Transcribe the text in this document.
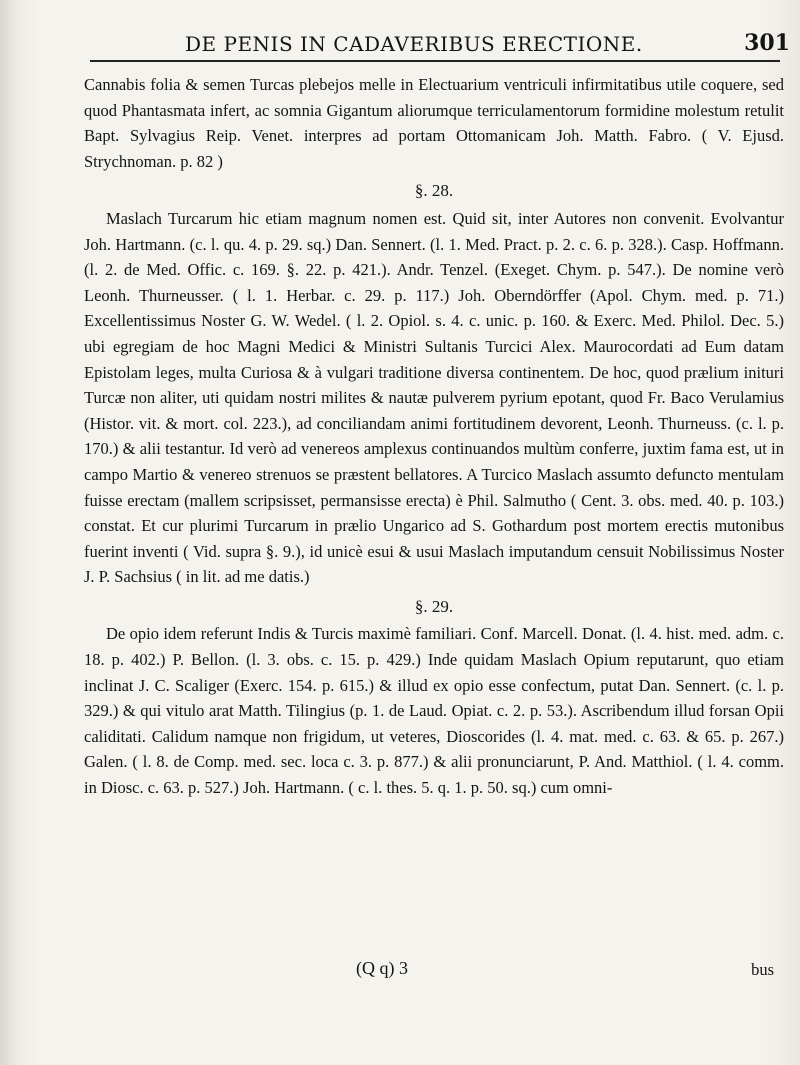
DE PENIS IN CADAVERIBUS ERECTIONE.	301

Cannabis folia & semen Turcas plebejos melle in Electuarium ventriculi infirmitatibus utile coquere, sed quod Phantasmata infert, ac somnia Gigantum aliorumque terriculamentorum formidine molestum retulit Bapt. Sylvagius Reip. Venet. interpres ad portam Ottomanicam Joh. Matth. Fabro. ( V. Ejusd. Strychnoman. p. 82 )

§. 28.

Maslach Turcarum hic etiam magnum nomen est. Quid sit, inter Autores non convenit. Evolvantur Joh. Hartmann. (c. l. qu. 4. p. 29. sq.) Dan. Sennert. (l. 1. Med. Pract. p. 2. c. 6. p. 328.). Casp. Hoffmann. (l. 2. de Med. Offic. c. 169. §. 22. p. 421.). Andr. Tenzel. (Exeget. Chym. p. 547.). De nomine verò Leonh. Thurneusser. ( l. 1. Herbar. c. 29. p. 117.) Joh. Oberndörffer (Apol. Chym. med. p. 71.) Excellentissimus Noster G. W. Wedel. ( l. 2. Opiol. s. 4. c. unic. p. 160. & Exerc. Med. Philol. Dec. 5.) ubi egregiam de hoc Magni Medici & Ministri Sultanis Turcici Alex. Maurocordati ad Eum datam Epistolam leges, multa Curiosa & à vulgari traditione diversa continentem. De hoc, quod prælium inituri Turcæ non aliter, uti quidam nostri milites & nautæ pulverem pyrium epotant, quod Fr. Baco Verulamius (Histor. vit. & mort. col. 223.), ad conciliandam animi fortitudinem devorent, Leonh. Thurneuss. (c. l. p. 170.) & alii testantur. Id verò ad venereos amplexus continuandos multùm conferre, juxtim fama est, ut in campo Martio & venereo strenuos se præstent bellatores. A Turcico Maslach assumto defuncto mentulam fuisse erectam (mallem scripsisset, permansisse erecta) è Phil. Salmutho ( Cent. 3. obs. med. 40. p. 103.) constat. Et cur plurimi Turcarum in prælio Ungarico ad S. Gothardum post mortem erectis mutonibus fuerint inventi ( Vid. supra §. 9.), id unicè esui & usui Maslach imputandum censuit Nobilissimus Noster J. P. Sachsius ( in lit. ad me datis.)

§. 29.

De opio idem referunt Indis & Turcis maximè familiari. Conf. Marcell. Donat. (l. 4. hist. med. adm. c. 18. p. 402.) P. Bellon. (l. 3. obs. c. 15. p. 429.) Inde quidam Maslach Opium reputarunt, quo etiam inclinat J. C. Scaliger (Exerc. 154. p. 615.) & illud ex opio esse confectum, putat Dan. Sennert. (c. l. p. 329.) & qui vitulo arat Matth. Tilingius (p. 1. de Laud. Opiat. c. 2. p. 53.). Ascribendum illud forsan Opii caliditati. Calidum namque non frigidum, ut veteres, Dioscorides (l. 4. mat. med. c. 63. & 65. p. 267.) Galen. ( l. 8. de Comp. med. sec. loca c. 3. p. 877.) & alii pronunciarunt, P. And. Matthiol. ( l. 4. comm. in Diosc. c. 63. p. 527.) Joh. Hartmann. ( c. l. thes. 5. q. 1. p. 50. sq.) cum omni-

(Q q) 3	bus
